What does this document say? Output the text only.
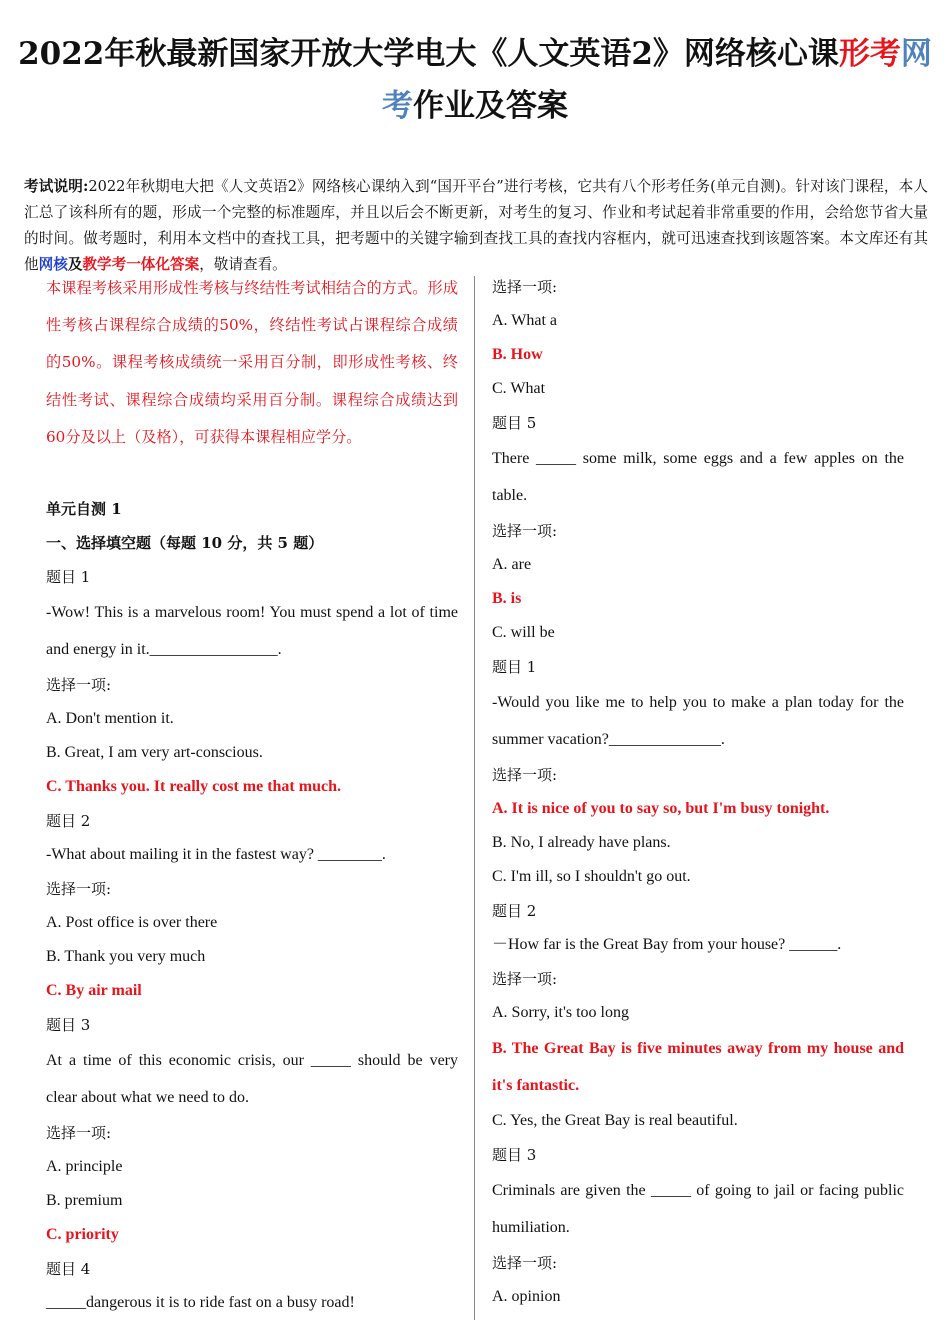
2022年秋最新国家开放大学电大《人文英语2》网络核心课形考网考作业及答案
考试说明:2022年秋期电大把《人文英语2》网络核心课纳入到“国开平台”进行考核，它共有八个形考任务(单元自测)。针对该门课程，本人汇总了该科所有的题，形成一个完整的标准题库，并且以后会不断更新，对考生的复习、作业和考试起着非常重要的作用，会给您节省大量的时间。做考题时，利用本文档中的查找工具，把考题中的关键字输到查找工具的查找内容框内，就可迅速查找到该题答案。本文库还有其他网核及教学考一体化答案，敬请查看。
本课程考核采用形成性考核与终结性考试相结合的方式。形成性考核占课程综合成绩的50%，终结性考试占课程综合成绩的50%。课程考核成绩统一采用百分制，即形成性考核、终结性考试、课程综合成绩均采用百分制。课程综合成绩达到60分及以上（及格），可获得本课程相应学分。
单元自测 1
一、选择填空题（每题 10 分，共 5 题）
题目 1
-Wow! This is a marvelous room! You must spend a lot of time and energy in it.________________.
选择一项:
A. Don't mention it.
B. Great, I am very art-conscious.
C. Thanks you. It really cost me that much.
题目 2
-What about mailing it in the fastest way? ________.
选择一项:
A. Post office is over there
B. Thank you very much
C. By air mail
题目 3
At a time of this economic crisis, our _____ should be very clear about what we need to do.
选择一项:
A. principle
B. premium
C. priority
题目 4
_____dangerous it is to ride fast on a busy road!
选择一项:
A. What a
B. How
C. What
题目 5
There _____ some milk, some eggs and a few apples on the table.
选择一项:
A. are
B. is
C. will be
题目 1
-Would you like me to help you to make a plan today for the summer vacation?______________.
选择一项:
A. It is nice of you to say so, but I'm busy tonight.
B. No, I already have plans.
C. I'm ill, so I shouldn't go out.
题目 2
－How far is the Great Bay from your house? ______.
选择一项:
A. Sorry, it's too long
B. The Great Bay is five minutes away from my house and it's fantastic.
C. Yes, the Great Bay is real beautiful.
题目 3
Criminals are given the _____ of going to jail or facing public humiliation.
选择一项:
A. opinion
